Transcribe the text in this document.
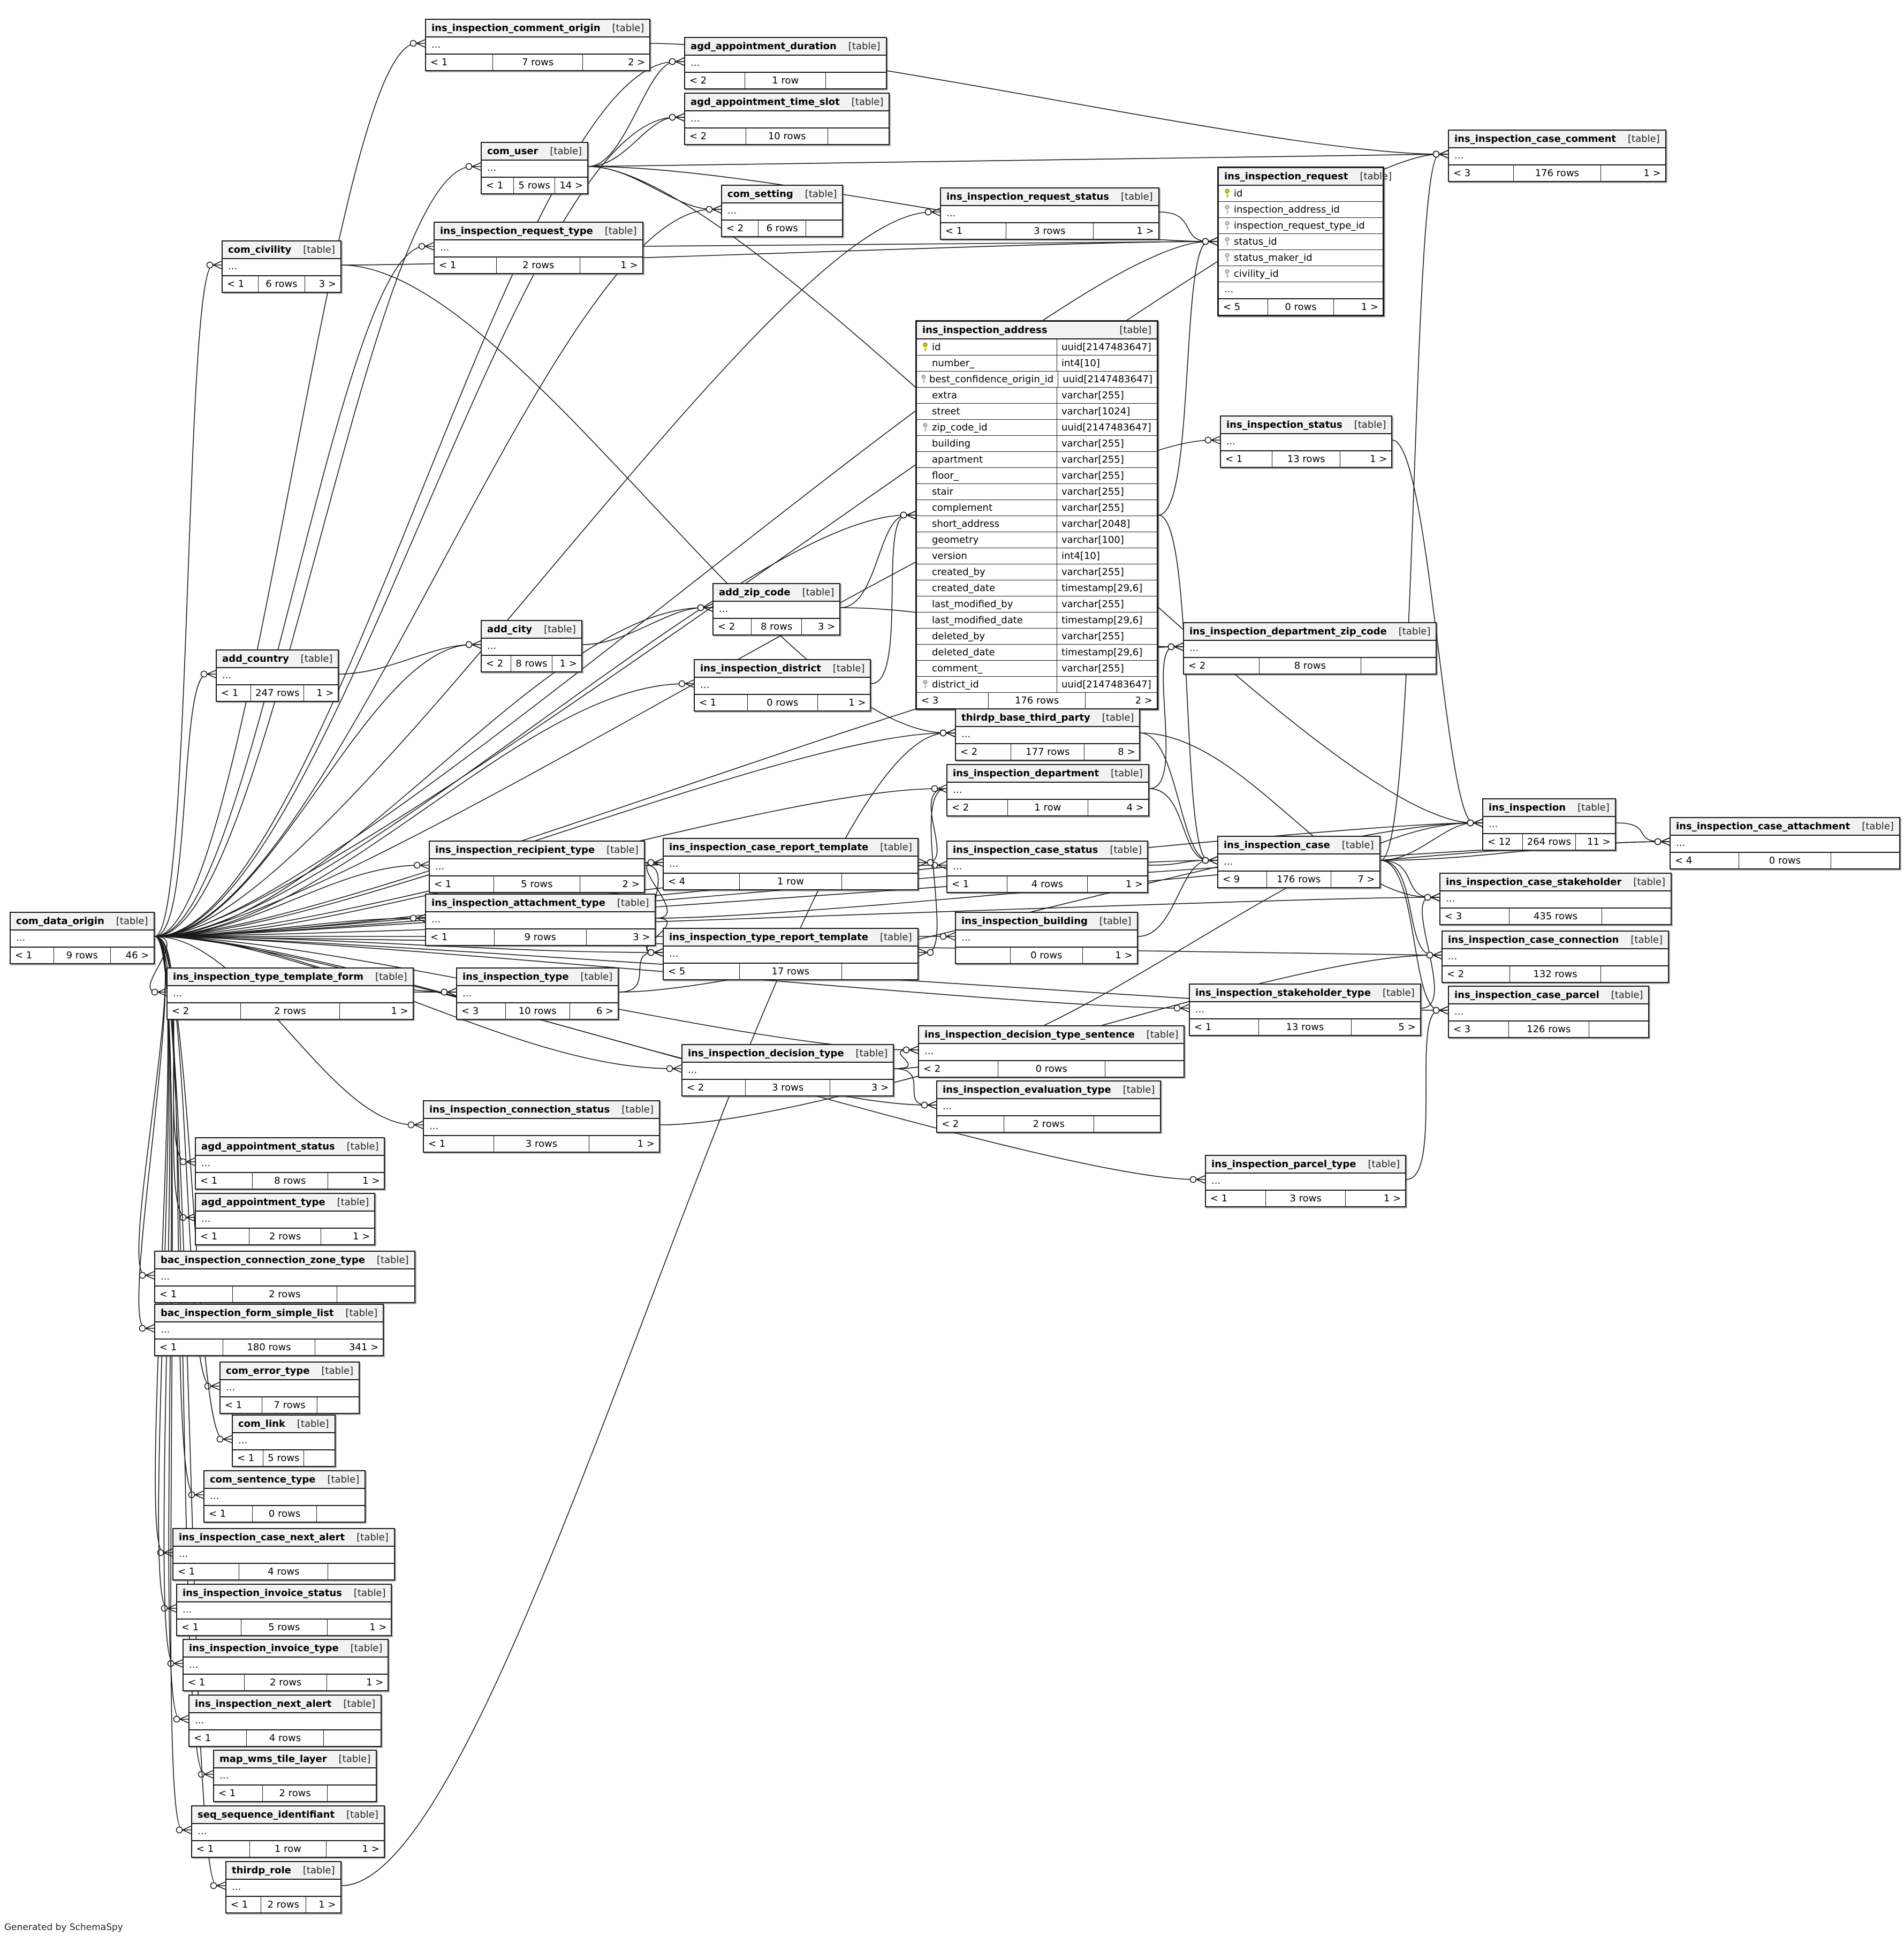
ins_inspection_comment_origin [table]
...
< 1	7 rows	2 >
agd_appointment_duration [table]
...
< 2	1 row
agd_appointment_time_slot [table]
...
< 2	10 rows
com_user [table]
...
< 1	5 rows 14 >
com_setting [table]
...
< 2	6 rows
ins_inspection_request_status [table]
...
< 1	3 rows	1 >
ins_inspection_request [table]
id
inspection_address_id
inspection_request_type_id
status_id
status_maker_id
civility_id
...
< 5	0 rows	1 >
ins_inspection_case_comment [table]
...
< 3	176 rows	1 >
com_civility [table]
...
< 1	6 rows	3 >
ins_inspection_request_type [table]
...
< 1	2 rows	1 >
ins_inspection_address	[table]
id	uuid[2147483647]
number_	int4[10]
best_confidence_origin_id uuid[2147483647]
extra	varchar[255]
street	varchar[1024]
zip_code_id	uuid[2147483647]
building	varchar[255]
apartment	varchar[255]
floor_	varchar[255]
stair	varchar[255]
complement	varchar[255]
short_address	varchar[2048]
geometry	varchar[100]
version	int4[10]
created_by	varchar[255]
created_date	timestamp[29,6]
last_modified_by	varchar[255]
last_modified_date	timestamp[29,6]
deleted_by	varchar[255]
deleted_date	timestamp[29,6]
comment_	varchar[255]
district_id	uuid[2147483647]
< 3	176 rows	2 >
ins_inspection_status [table]
...
< 1	13 rows	1 >
ins_inspection_department_zip_code [table]
...
< 2	8 rows
add_zip_code [table]
...
< 2	8 rows	3 >
add_city [table]
...
< 2	8 rows	1 >
add_country [table]
...
< 1	247 rows	1 >
ins_inspection_district [table]
...
< 1	0 rows	1 >
thirdp_base_third_party [table]
...
< 2	177 rows	8 >
ins_inspection_department [table]
...
< 2	1 row	4 >	ins_inspection [table]
...
< 12	264 rows	11 >
ins_inspection_case_attachment [table]
...
< 4	0 rows
ins_inspection_recipient_type [table]
...
< 1	5 rows	2 >
ins_inspection_case_report_template [table]
...
< 4	1 row
ins_inspection_case_status [table]
...
< 1	4 rows	1 >
ins_inspection_case [table]
...
< 9	176 rows	7 >	ins_inspection_case_stakeholder [table]
...
< 3	435 rows
ins_inspection_attachment_type [table]
...
< 1	9 rows	3 >
ins_inspection_building [table]
...
0 rows	1 >
ins_inspection_case_connection [table]
...
< 2	132 rows
ins_inspection_type_report_template [table]
...
< 5	17 rows
ins_inspection_case_parcel [table]
...
< 3	126 rows
ins_inspection_type_template_form [table]
...
< 2	2 rows	1 >
ins_inspection_type [table]
...
< 3	10 rows	6 >
ins_inspection_stakeholder_type [table]
...
< 1	13 rows	5 >
ins_inspection_decision_type [table]
...
< 2	3 rows	3 >
ins_inspection_decision_type_sentence [table]
...
< 2	0 rows
ins_inspection_evaluation_type [table]
...
< 2	2 rows
ins_inspection_connection_status [table]
...
< 1	3 rows	1 >
ins_inspection_parcel_type [table]
...
< 1	3 rows	1 >
agd_appointment_status [table]
...
< 1	8 rows	1 >
agd_appointment_type [table]
...
< 1	2 rows	1 >
bac_inspection_connection_zone_type [table]
...
< 1	2 rows
bac_inspection_form_simple_list [table]
...
< 1	180 rows	341 >
com_error_type [table]
...
< 1	7 rows
com_link [table]
...
< 1	5 rows
com_sentence_type [table]
...
< 1	0 rows
ins_inspection_case_next_alert [table]
...
< 1	4 rows
ins_inspection_invoice_status [table]
...
< 1	5 rows	1 >
ins_inspection_invoice_type [table]
...
< 1	2 rows	1 >
ins_inspection_next_alert [table]
...
< 1	4 rows
map_wms_tile_layer [table]
...
< 1	2 rows
seq_sequence_identifiant [table]
...
< 1	1 row	1 >
thirdp_role [table]
...
< 1	2 rows	1 >
com_data_origin [table]
...
< 1	9 rows	46 >
Generated by SchemaSpy
